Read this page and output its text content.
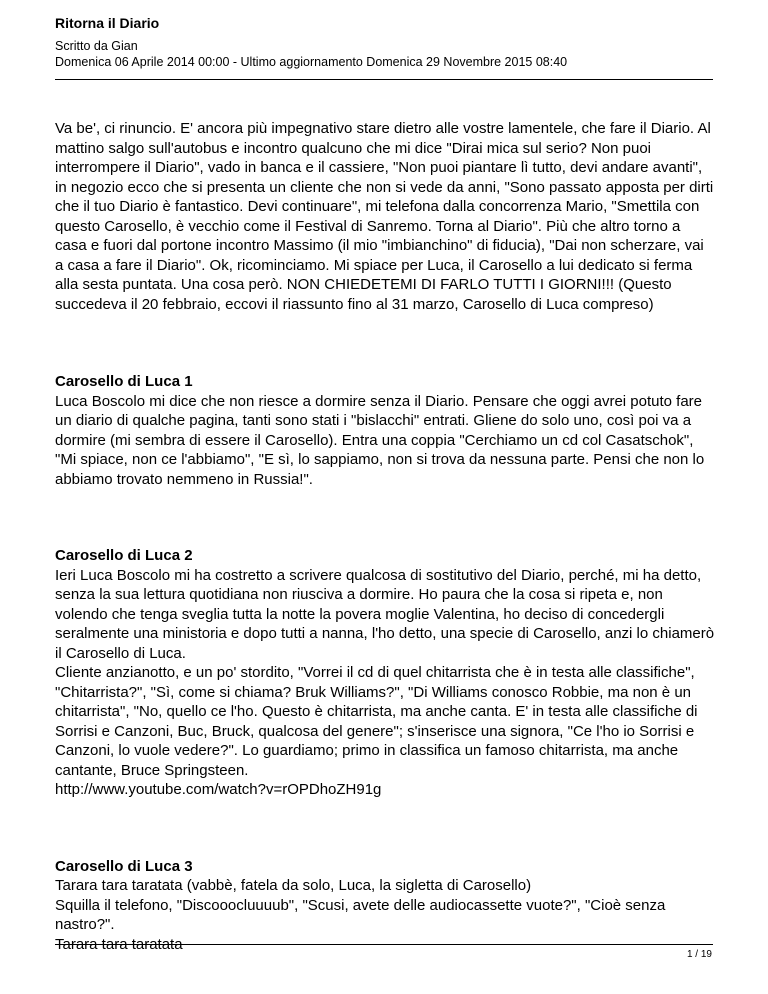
Ritorna il Diario
Scritto da Gian
Domenica 06 Aprile 2014 00:00 - Ultimo aggiornamento Domenica 29 Novembre 2015 08:40

Va be', ci rinuncio. E' ancora più impegnativo stare dietro alle vostre lamentele, che fare il Diario. Al mattino salgo sull'autobus e incontro qualcuno che mi dice "Dirai mica sul serio? Non puoi interrompere il Diario", vado in banca e il cassiere, "Non puoi piantare lì tutto, devi andare avanti", in negozio ecco che si presenta un cliente che non si vede da anni, "Sono passato apposta per dirti che il tuo Diario è fantastico. Devi continuare", mi telefona dalla concorrenza Mario, "Smettila con questo Carosello, è vecchio come il Festival di Sanremo. Torna al Diario". Più che altro torno a casa e fuori dal portone incontro Massimo (il mio "imbianchino" di fiducia), "Dai non scherzare, vai a casa a fare il Diario". Ok, ricominciamo. Mi spiace per Luca, il Carosello a lui dedicato si ferma alla sesta puntata. Una cosa però. NON CHIEDETEMI DI FARLO TUTTI I GIORNI!!! (Questo succedeva il 20 febbraio, eccovi il riassunto fino al 31 marzo, Carosello di Luca compreso)

Carosello di Luca 1
Luca Boscolo mi dice che non riesce a dormire senza il Diario. Pensare che oggi avrei potuto fare un diario di qualche pagina, tanti sono stati i "bislacchi" entrati. Gliene do solo uno, così poi va a dormire (mi sembra di essere il Carosello). Entra una coppia "Cerchiamo un cd col Casatschok", "Mi spiace, non ce l'abbiamo", "E sì, lo sappiamo, non si trova da nessuna parte. Pensi che non lo abbiamo trovato nemmeno in Russia!".
Carosello di Luca 2
Ieri Luca Boscolo mi ha costretto a scrivere qualcosa di sostitutivo del Diario, perché, mi ha detto, senza la sua lettura quotidiana non riusciva a dormire. Ho paura che la cosa si ripeta e, non volendo che tenga sveglia tutta la notte la povera moglie Valentina, ho deciso di concedergli seralmente una ministoria e dopo tutti a nanna, l'ho detto, una specie di Carosello, anzi lo chiamerò il Carosello di Luca.
Cliente anzianotto, e un po' stordito, "Vorrei il cd di quel chitarrista che è in testa alle classifiche", "Chitarrista?", "Sì, come si chiama? Bruk Williams?", "Di Williams conosco Robbie, ma non è un chitarrista", "No, quello ce l'ho. Questo è chitarrista, ma anche canta. E' in testa alle classifiche di Sorrisi e Canzoni, Buc, Bruck, qualcosa del genere"; s'inserisce una signora, "Ce l'ho io Sorrisi e Canzoni, lo vuole vedere?". Lo guardiamo; primo in classifica un famoso chitarrista, ma anche cantante, Bruce Springsteen.
http://www.youtube.com/watch?v=rOPDhoZH91g
Carosello di Luca 3
Tarara tara taratata (vabbè, fatela da solo, Luca, la sigletta di Carosello)
Squilla il telefono, "Discooocluuuub", "Scusi, avete delle audiocassette vuote?", "Cioè senza nastro?".
Tarara tara taratata
1 / 19
